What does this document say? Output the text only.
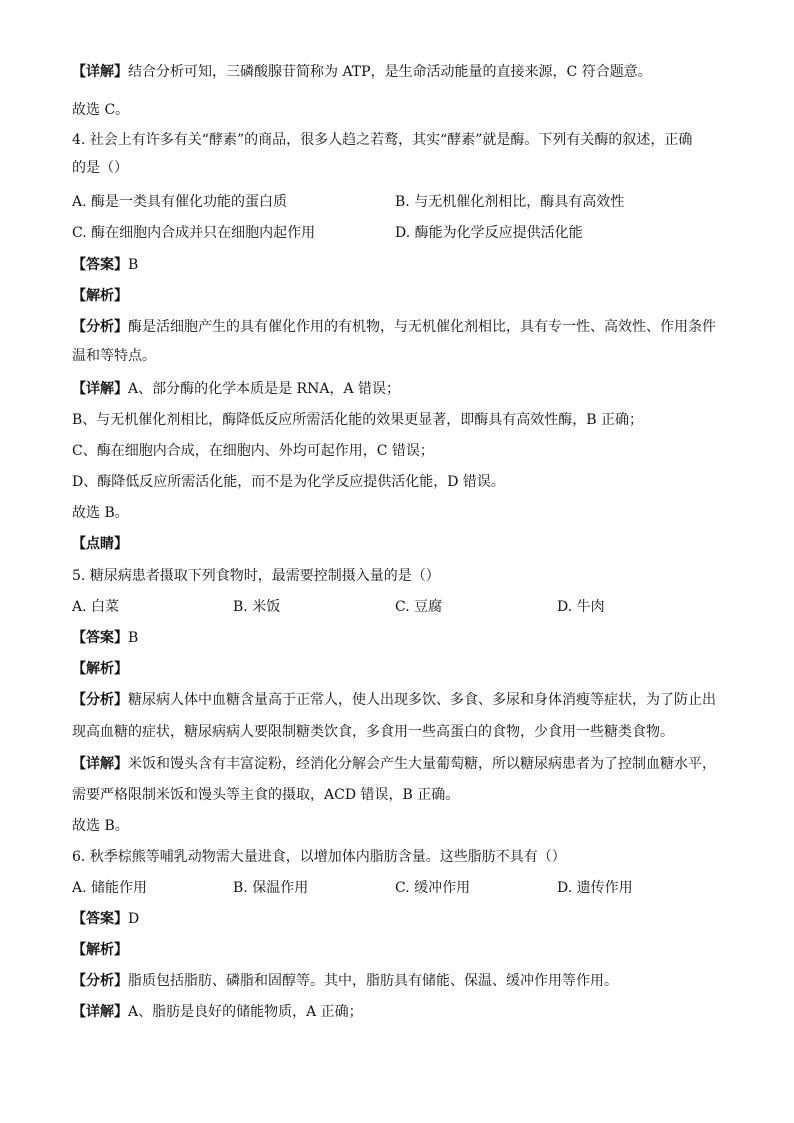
【详解】结合分析可知，三磷酸腺苷简称为 ATP，是生命活动能量的直接来源，C 符合题意。
故选 C。
4. 社会上有许多有关“酵素”的商品，很多人趋之若鹜，其实“酵素”就是酶。下列有关酶的叙述，正确
的是（）
A. 酶是一类具有催化功能的蛋白质	B. 与无机催化剂相比，酶具有高效性
C. 酶在细胞内合成并只在细胞内起作用	D. 酶能为化学反应提供活化能
【答案】B
【解析】
【分析】酶是活细胞产生的具有催化作用的有机物，与无机催化剂相比，具有专一性、高效性、作用条件
温和等特点。
【详解】A、部分酶的化学本质是是 RNA，A 错误；
B、与无机催化剂相比，酶降低反应所需活化能的效果更显著，即酶具有高效性酶，B 正确；
C、酶在细胞内合成，在细胞内、外均可起作用，C 错误；
D、酶降低反应所需活化能，而不是为化学反应提供活化能，D 错误。
故选 B。
【点睛】
5. 糖尿病患者摄取下列食物时，最需要控制摄入量的是（）
A. 白菜	B. 米饭	C. 豆腐	D. 牛肉
【答案】B
【解析】
【分析】糖尿病人体中血糖含量高于正常人，使人出现多饮、多食、多尿和身体消瘦等症状，为了防止出
现高血糖的症状，糖尿病病人要限制糖类饮食，多食用一些高蛋白的食物，少食用一些糖类食物。
【详解】米饭和馒头含有丰富淀粉，经消化分解会产生大量葡萄糖，所以糖尿病患者为了控制血糖水平，
需要严格限制米饭和馒头等主食的摄取，ACD 错误，B 正确。
故选 B。
6. 秋季棕熊等哺乳动物需大量进食，以增加体内脂肪含量。这些脂肪不具有（）
A. 储能作用	B. 保温作用	C. 缓冲作用	D. 遗传作用
【答案】D
【解析】
【分析】脂质包括脂肪、磷脂和固醇等。其中，脂肪具有储能、保温、缓冲作用等作用。
【详解】A、脂肪是良好的储能物质，A 正确；
